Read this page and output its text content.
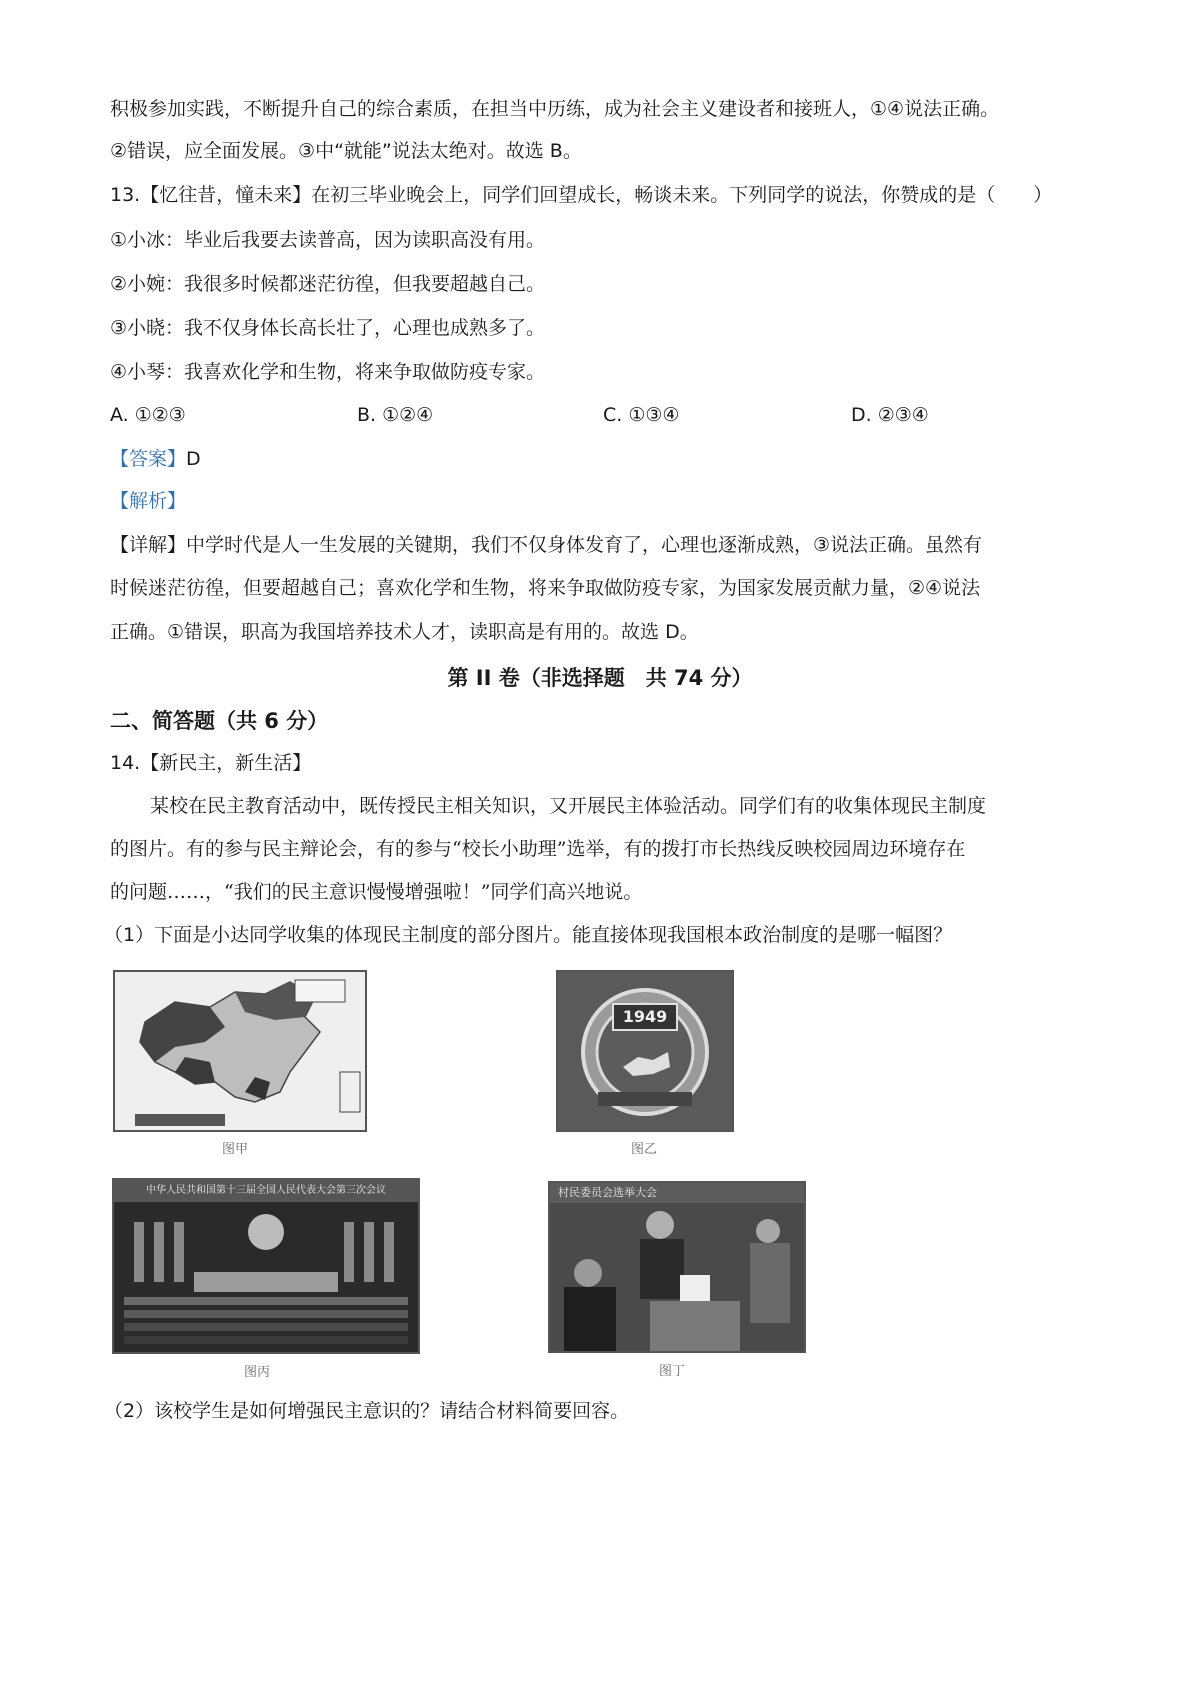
积极参加实践，不断提升自己的综合素质，在担当中历练，成为社会主义建设者和接班人，①④说法正确。
②错误，应全面发展。③中“就能”说法太绝对。故选 B。
13.【忆往昔，憧未来】在初三毕业晚会上，同学们回望成长，畅谈未来。下列同学的说法，你赞成的是（　　）
①小冰：毕业后我要去读普高，因为读职高没有用。
②小婉：我很多时候都迷茫彷徨，但我要超越自己。
③小晓：我不仅身体长高长壮了，心理也成熟多了。
④小琴：我喜欢化学和生物，将来争取做防疫专家。
A. ①②③	B. ①②④	C. ①③④	D. ②③④
【答案】D
【解析】
【详解】中学时代是人一生发展的关键期，我们不仅身体发育了，心理也逐渐成熟，③说法正确。虽然有
时候迷茫彷徨，但要超越自己；喜欢化学和生物，将来争取做防疫专家，为国家发展贡献力量，②④说法
正确。①错误，职高为我国培养技术人才，读职高是有用的。故选 D。
第 II 卷（非选择题　共 74 分）
二、简答题（共 6 分）
14.【新民主，新生活】
某校在民主教育活动中，既传授民主相关知识，又开展民主体验活动。同学们有的收集体现民主制度
的图片。有的参与民主辩论会，有的参与“校长小助理”选举，有的拨打市长热线反映校园周边环境存在
的问题……，“我们的民主意识慢慢增强啦！”同学们高兴地说。
（1）下面是小达同学收集的体现民主制度的部分图片。能直接体现我国根本政治制度的是哪一幅图？
图甲
1949
图乙
中华人民共和国第十三届全国人民代表大会第三次会议
图丙
村民委员会选举大会
图丁
（2）该校学生是如何增强民主意识的？请结合材料简要回容。
